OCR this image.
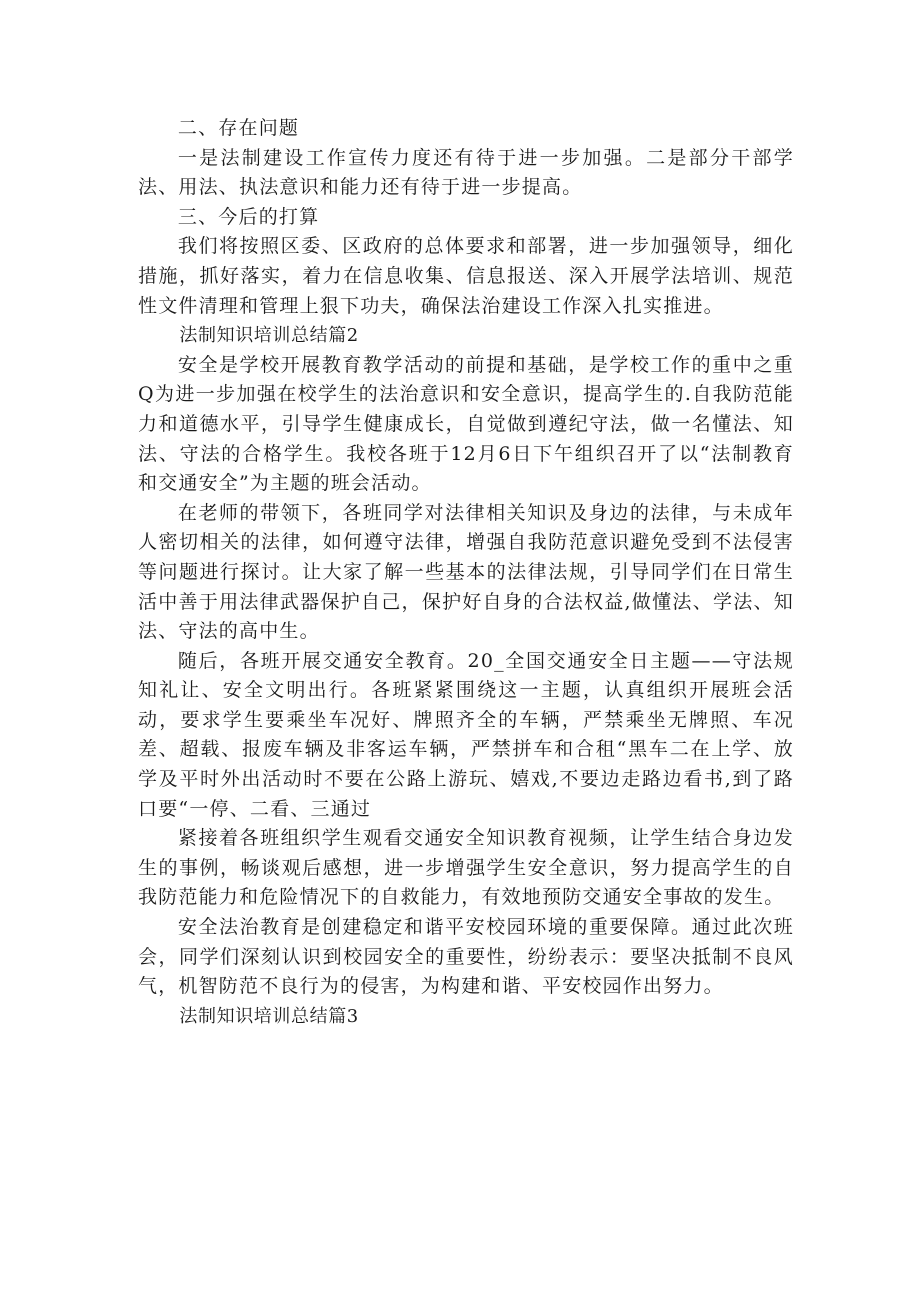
二、存在问题

一是法制建设工作宣传力度还有待于进一步加强。二是部分干部学法、用法、执法意识和能力还有待于进一步提高。

三、今后的打算

我们将按照区委、区政府的总体要求和部署，进一步加强领导，细化措施，抓好落实，着力在信息收集、信息报送、深入开展学法培训、规范性文件清理和管理上狠下功夫，确保法治建设工作深入扎实推进。

法制知识培训总结篇2

安全是学校开展教育教学活动的前提和基础，是学校工作的重中之重Q为进一步加强在校学生的法治意识和安全意识，提高学生的.自我防范能力和道德水平，引导学生健康成长，自觉做到遵纪守法，做一名懂法、知法、守法的合格学生。我校各班于12月6日下午组织召开了以“法制教育和交通安全”为主题的班会活动。

在老师的带领下，各班同学对法律相关知识及身边的法律，与未成年人密切相关的法律，如何遵守法律，增强自我防范意识避免受到不法侵害等问题进行探讨。让大家了解一些基本的法律法规，引导同学们在日常生活中善于用法律武器保护自己，保护好自身的合法权益,做懂法、学法、知法、守法的高中生。

随后，各班开展交通安全教育。20_全国交通安全日主题——守法规知礼让、安全文明出行。各班紧紧围绕这一主题，认真组织开展班会活动，要求学生要乘坐车况好、牌照齐全的车辆，严禁乘坐无牌照、车况差、超载、报废车辆及非客运车辆，严禁拼车和合租“黑车二在上学、放学及平时外出活动时不要在公路上游玩、嬉戏,不要边走路边看书,到了路口要“一停、二看、三通过

紧接着各班组织学生观看交通安全知识教育视频，让学生结合身边发生的事例，畅谈观后感想，进一步增强学生安全意识，努力提高学生的自我防范能力和危险情况下的自救能力，有效地预防交通安全事故的发生。

安全法治教育是创建稳定和谐平安校园环境的重要保障。通过此次班会，同学们深刻认识到校园安全的重要性，纷纷表示：要坚决抵制不良风气，机智防范不良行为的侵害，为构建和谐、平安校园作出努力。

法制知识培训总结篇3
